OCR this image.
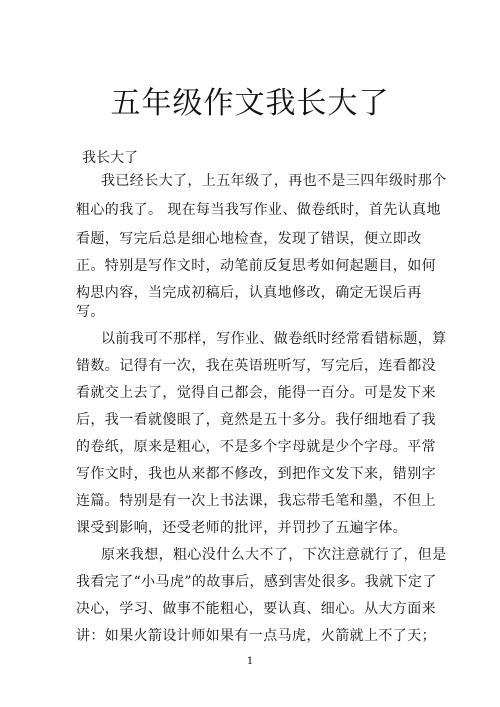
五年级作文我长大了

我长大了

我已经长大了，上五年级了，再也不是三四年级时那个
粗心的我了。 现在每当我写作业、做卷纸时，首先认真地
看题，写完后总是细心地检查，发现了错误，便立即改
正。特别是写作文时，动笔前反复思考如何起题目，如何
构思内容，当完成初稿后，认真地修改，确定无误后再
写。
以前我可不那样，写作业、做卷纸时经常看错标题，算
错数。记得有一次，我在英语班听写，写完后，连看都没
看就交上去了，觉得自己都会，能得一百分。可是发下来
后，我一看就傻眼了，竟然是五十多分。我仔细地看了我
的卷纸，原来是粗心，不是多个字母就是少个字母。平常
写作文时，我也从来都不修改，到把作文发下来，错别字
连篇。特别是有一次上书法课，我忘带毛笔和墨，不但上
课受到影响，还受老师的批评，并罚抄了五遍字体。
原来我想，粗心没什么大不了，下次注意就行了，但是
我看完了“小马虎”的故事后，感到害处很多。我就下定了
决心，学习、做事不能粗心，要认真、细心。从大方面来
讲：如果火箭设计师如果有一点马虎，火箭就上不了天；
1
